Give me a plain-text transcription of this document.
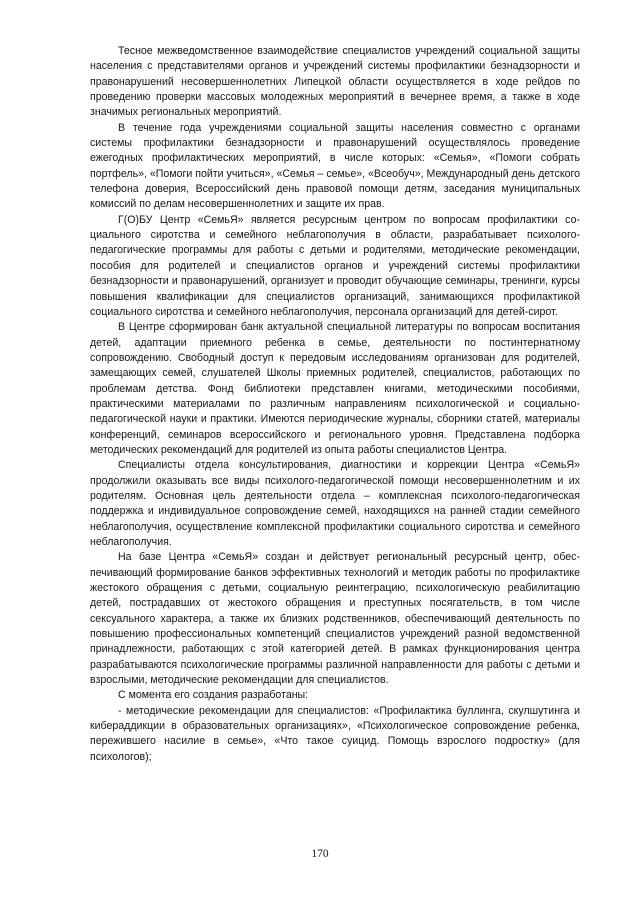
Тесное межведомственное взаимодействие специалистов учреждений социальной защиты населения с представителями органов и учреждений системы профилактики безнадзорности и правонарушений несовершеннолетних Липецкой области осуществляется в ходе рейдов по проведению проверки массовых молодежных мероприятий в вечернее время, а также в ходе значимых региональных мероприятий.

В течение года учреждениями социальной защиты населения совместно с органами системы профилактики безнадзорности и правонарушений осуществлялось проведение ежегодных профилактических мероприятий, в числе которых: «Семья», «Помоги собрать портфель», «Помоги пойти учиться», «Семья – семье», «Всеобуч», Международный день детского телефона доверия, Всероссийский день правовой помощи детям, заседания муниципальных комиссий по делам несовершеннолетних и защите их прав.

Г(О)БУ Центр «СемьЯ» является ресурсным центром по вопросам профилактики социального сиротства и семейного неблагополучия в области, разрабатывает психолого-педагогические программы для работы с детьми и родителями, методические рекомендации, пособия для родителей и специалистов органов и учреждений системы профилактики безнадзорности и правонарушений, организует и проводит обучающие семинары, тренинги, курсы повышения квалификации для специалистов организаций, занимающихся профилактикой социального сиротства и семейного неблагополучия, персонала организаций для детей-сирот.

В Центре сформирован банк актуальной специальной литературы по вопросам воспитания детей, адаптации приемного ребенка в семье, деятельности по постинтернатному сопровождению. Свободный доступ к передовым исследованиям организован для родителей, замещающих семей, слушателей Школы приемных родителей, специалистов, работающих по проблемам детства. Фонд библиотеки представлен книгами, методическими пособиями, практическими материалами по различным направлениям психологической и социально-педагогической науки и практики. Имеются периодические журналы, сборники статей, материалы конференций, семинаров всероссийского и регионального уровня. Представлена подборка методических рекомендаций для родителей из опыта работы специалистов Центра.

Специалисты отдела консультирования, диагностики и коррекции Центра «СемьЯ» продолжили оказывать все виды психолого-педагогической помощи несовершеннолетним и их родителям. Основная цель деятельности отдела – комплексная психолого-педагогическая поддержка и индивидуальное сопровождение семей, находящихся на ранней стадии семейного неблагополучия, осуществление комплексной профилактики социального сиротства и семейного неблагополучия.

На базе Центра «СемьЯ» создан и действует региональный ресурсный центр, обеспечивающий формирование банков эффективных технологий и методик работы по профилактике жестокого обращения с детьми, социальную реинтеграцию, психологическую реабилитацию детей, пострадавших от жестокого обращения и преступных посягательств, в том числе сексуального характера, а также их близких родственников, обеспечивающий деятельность по повышению профессиональных компетенций специалистов учреждений разной ведомственной принадлежности, работающих с этой категорией детей. В рамках функционирования центра разрабатываются психологические программы различной направленности для работы с детьми и взрослыми, методические рекомендации для специалистов.

С момента его создания разработаны:

- методические рекомендации для специалистов: «Профилактика буллинга, скулшутинга и кибераддикции в образовательных организациях», «Психологическое сопровождение ребенка, пережившего насилие в семье», «Что такое суицид. Помощь взрослого подростку» (для психологов);

170
